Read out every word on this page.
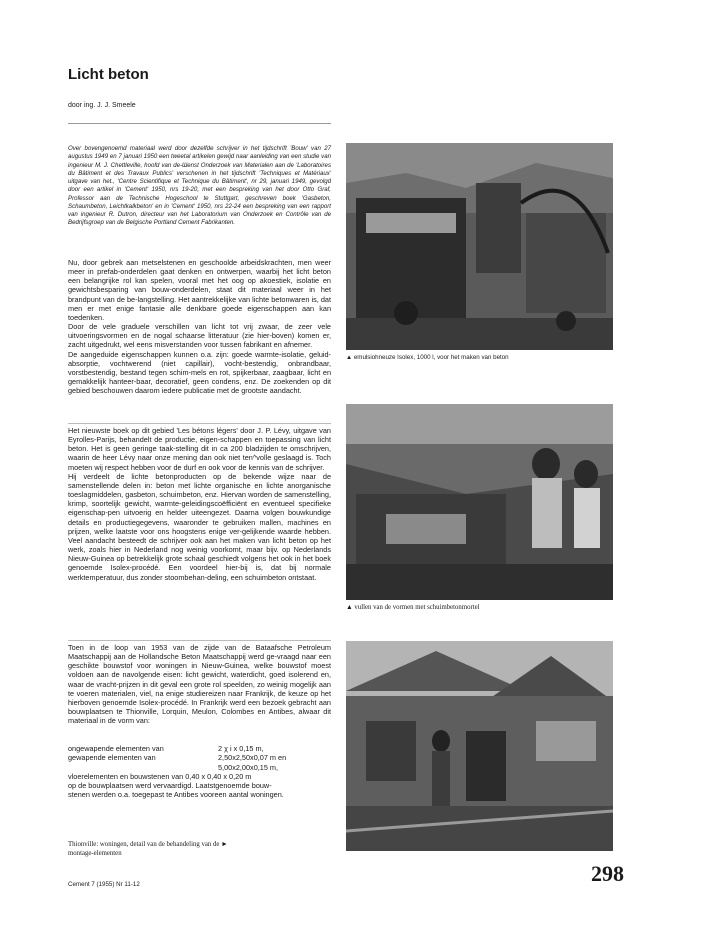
Licht beton
door ing. J. J. Smeele
Over bovengenoemd materiaal werd door dezelfde schrijver in het tijdschrift 'Bouw' van 27 augustus 1949 en 7 januari 1950 een tweetal artikelen gewijd naar aanleiding van een studie van ingenieur M. J. Chettleville, hoofd van de-Ɯenst Onderzoek van Materialen aan de 'Laboratoires du Bâtiment et des Travaux Publics' verschenen in het tijdschrift 'Techniques et Matériaux' uitgave van het., 'Centre Scientifique et Technique du Bâtiment', nr 29, januari 1949, gevolgd door een artikel in 'Cement' 1950, nrs 19-20, met een bespreking van het door Otto Graf, Professor aan de Technische Hogeschool te Stuttgart, geschreven boek 'Gasbeton, Schaumbeton, Leichtkalkbeton' en in 'Cement' 1950, nrs 22-24 een bespreking van een rapport van ingenieur R. Dutron, directeur van het Laboratorium van Onderzoek en Contrôle van de Bedrijfsgroep van de Belgische Portland Cement Fabrikanten.

Nu, door gebrek aan metselstenen en geschoolde arbeidskrachten, men weer meer in prefab-onderdelen gaat denken en ontwerpen, waarbij het licht beton een belangrijke rol kan spelen, vooral met het oog op akoestiek, isolatie en gewichtsbesparing van bouw-onderdelen, staat dit materiaal weer in het brandpunt van de be-langstelling. Het aantrekkelijke van lichte betonwaren is, dat men er met enige fantasie alle denkbare goede eigenschappen aan kan toedenken.

Door de vele graduele verschillen van licht tot vrij zwaar, de zeer vele uitvoeringsvormen en de nogal schaarse litteratuur (zie hier-boven) komen er, zacht uitgedrukt, wel eens misverstanden voor tussen fabrikant en afnemer.

De aangeduide eigenschappen kunnen o.a. zijn: goede warmte-isolatie, geluid-absorptie, vochtwerend (niet capillair), vocht-bestendig, onbrandbaar, vorstbestendig, bestand tegen schim-mels en rot, spijkerbaar, zaagbaar, licht en gemakkelijk hanteer-baar, decoratief, geen condens, enz. De zoekenden op dit gebied beschouwen daarom iedere publicatie met de grootste aandacht.

Het nieuwste boek op dit gebied 'Les bétons légers' door J. P. Lévy, uitgave van Eyrolles-Parijs, behandelt de productie, eigen-schappen en toepassing van licht beton. Het is geen geringe taak-stelling dit in ca 200 bladzijden te omschrijven, waarin de heer Lévy naar onze mening dan ook niet ten^volle geslaagd is. Toch moeten wij respect hebben voor de durf en ook voor de kennis van de schrijver.

Hij verdeelt de lichte betonproducten op de bekende wijze naar de samenstellende delen in: beton met lichte organische en lichte anorganische toeslagmiddelen, gasbeton, schuimbeton, enz. Hiervan worden de samenstelling, krimp, soortelijk gewicht, warmte-geleidingscoëfficiënt en eventueel specifieke eigenschap-pen uitvoerig en helder uiteengezet. Daarna volgen bouwkundige details en productiegegevens, waaronder te gebruiken mallen, machines en prijzen, welke laatste voor ons hoogstens enige ver-gelijkende waarde hebben. Veel aandacht besteedt de schrijver ook aan het maken van licht beton op het werk, zoals hier in Nederland nog weinig voorkomt, maar bijv. op Nederlands Nieuw-Guinea op betrekkelijk grote schaal geschiedt volgens het ook in het boek genoemde Isolex-procédé. Een voordeel hier-bij is, dat bij normale werktemperatuur, dus zonder stoombehan-deling, een schuimbeton ontstaat.

Toen in de loop van 1953 van de zijde van de Bataafsche Petroleum Maatschappij aan de Hollandsche Beton Maatschappij werd ge-vraagd naar een geschikte bouwstof voor woningen in Nieuw-Guinea, welke bouwstof moest voldoen aan de navolgende eisen: licht gewicht, waterdicht, goed isolerend en, waar de vracht-prijzen in dit geval een grote rol speelden, zo weinig mogelijk aan te voeren materialen, viel, na enige studiereizen naar Frankrijk, de keuze op het hierboven genoemde Isolex-procédé. In Frankrijk werd een bezoek gebracht aan bouwplaatsen te Thionville, Lorquin, Meulon, Colombes en Antibes, alwaar dit materiaal in de vorm van:

ongewapende elementen van	2 χ i x 0,15 m,
gewapende elementen van	2,50x2,50x0,07 m en
5,00x2,00x0,15 m,
vloerelementen en bouwstenen van 0,40 x 0,40 x 0,20 m
op de bouwplaatsen werd vervaardigd. Laatstgenoemde bouw-
stenen werden o.a. toegepast te Antibes vooreen aantal woningen.
▲ emulsiohneuze Isolex, 1000 l, voor het maken van beton
▲ vullen van de vormen met schuimbetonmortel
Thionville: woningen, detail van de behandeling van de ►
montage-elementen
Cement 7 (1955) Nr 11-12	298
